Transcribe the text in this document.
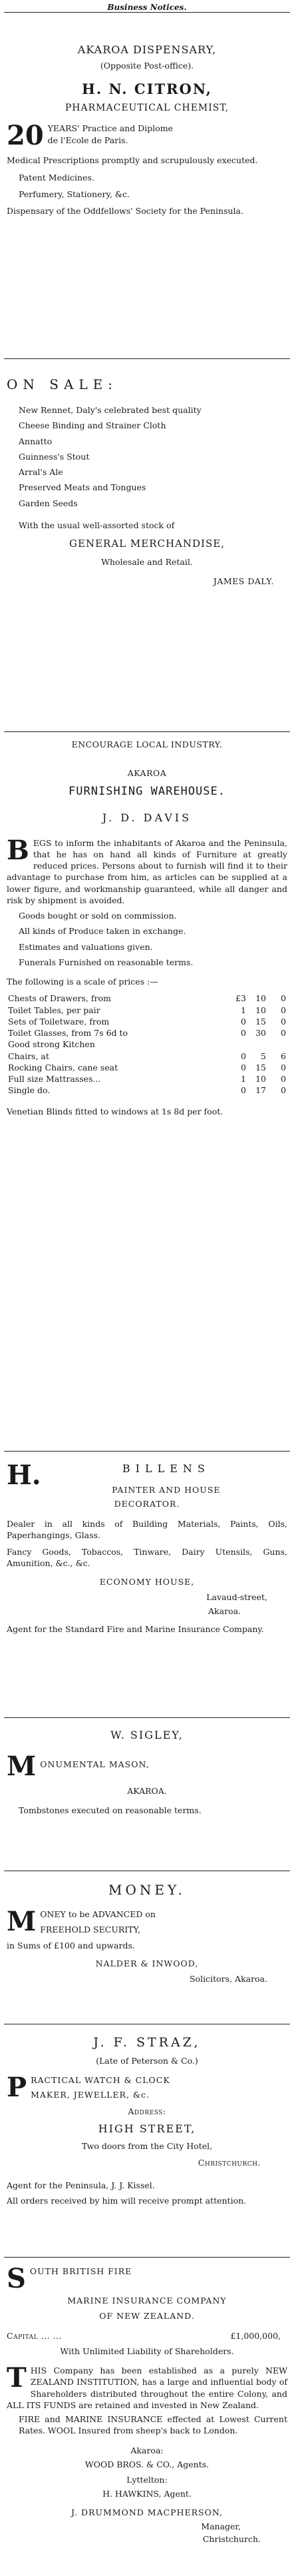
Business Notices.
AKAROA DISPENSARY,
(Opposite Post-office).
H. N. CITRON,
PHARMACEUTICAL CHEMIST,
20 YEARS' Practice and Diplome
de l'Ecole de Paris.
Medical Prescriptions promptly and scrupulously executed.
Patent Medicines.
Perfumery, Stationery, &c.
Dispensary of the Oddfellows' Society for the Peninsula.
ON SALE:
New Rennet, Daly's celebrated best quality
Cheese Binding and Strainer Cloth
Annatto
Guinness's Stout
Arral's Ale
Preserved Meats and Tongues
Garden Seeds
With the usual well-assorted stock of
GENERAL MERCHANDISE,
Wholesale and Retail.
JAMES DALY.
ENCOURAGE LOCAL INDUSTRY.
AKAROA
FURNISHING WAREHOUSE.
J. D. DAVIS
B EGS to inform the inhabitants of Akaroa and the Peninsula, that he has on hand all kinds of Furniture at greatly reduced prices. Persons about to furnish will find it to their advantage to purchase from him, as articles can be supplied at a lower figure, and workmanship guaranteed, while all danger and risk by shipment is avoided.
Goods bought or sold on commission.
All kinds of Produce taken in exchange.
Estimates and valuations given.
Funerals Furnished on reasonable terms.
The following is a scale of prices :—
Chests of Drawers, from	£3	10	0
Toilet Tables, per pair	1	10	0
Sets of Toiletware, from	0	15	0
Toilet Glasses, from 7s 6d to	0	30	0
Good strong Kitchen			
Chairs, at	0	5	6
Rocking Chairs, cane seat	0	15	0
Full size Mattrasses...	1	10	0
Single do.	0	17	0
Venetian Blinds fitted to windows at 1s 8d per foot.
H.	BILLENS
PAINTER AND HOUSE
DECORATOR.
Dealer in all kinds of Building Materials, Paints, Oils, Paperhangings, Glass.
Fancy Goods, Tobaccos, Tinware, Dairy Utensils, Guns, Amunition, &c., &c.
ECONOMY HOUSE,
Lavaud-street,
Akaroa.
Agent for the Standard Fire and Marine Insurance Company.
W. SIGLEY,
M ONUMENTAL MASON,
AKAROA.
Tombstones executed on reasonable terms.
MONEY.
M ONEY to be ADVANCED on
FREEHOLD SECURITY,
in Sums of £100 and upwards.
NALDER & INWOOD,
Solicitors, Akaroa.
J. F. STRAZ,
(Late of Peterson & Co.)
P RACTICAL WATCH & CLOCK
MAKER, JEWELLER, &c.
Address:
HIGH STREET,
Two doors from the City Hotel,
Christchurch.
Agent for the Peninsula, J. J. Kissel.
All orders received by him will receive prompt attention.
S OUTH BRITISH FIRE
MARINE INSURANCE COMPANY
OF NEW ZEALAND.
Capital ... ...	£1,000,000,
With Unlimited Liability of Shareholders.
T HIS Company has been established as a purely NEW ZEALAND INSTITUTION, has a large and influential body of Shareholders distributed throughout the entire Colony, and ALL ITS FUNDS are retained and invested in New Zealand.
FIRE and MARINE INSURANCE effected at Lowest Current Rates. WOOL Insured from sheep's back to London.
Akaroa:
WOOD BROS. & CO., Agents.
Lyttelton:
H. HAWKINS, Agent.
J. DRUMMOND MACPHERSON,
Manager,
Christchurch.
